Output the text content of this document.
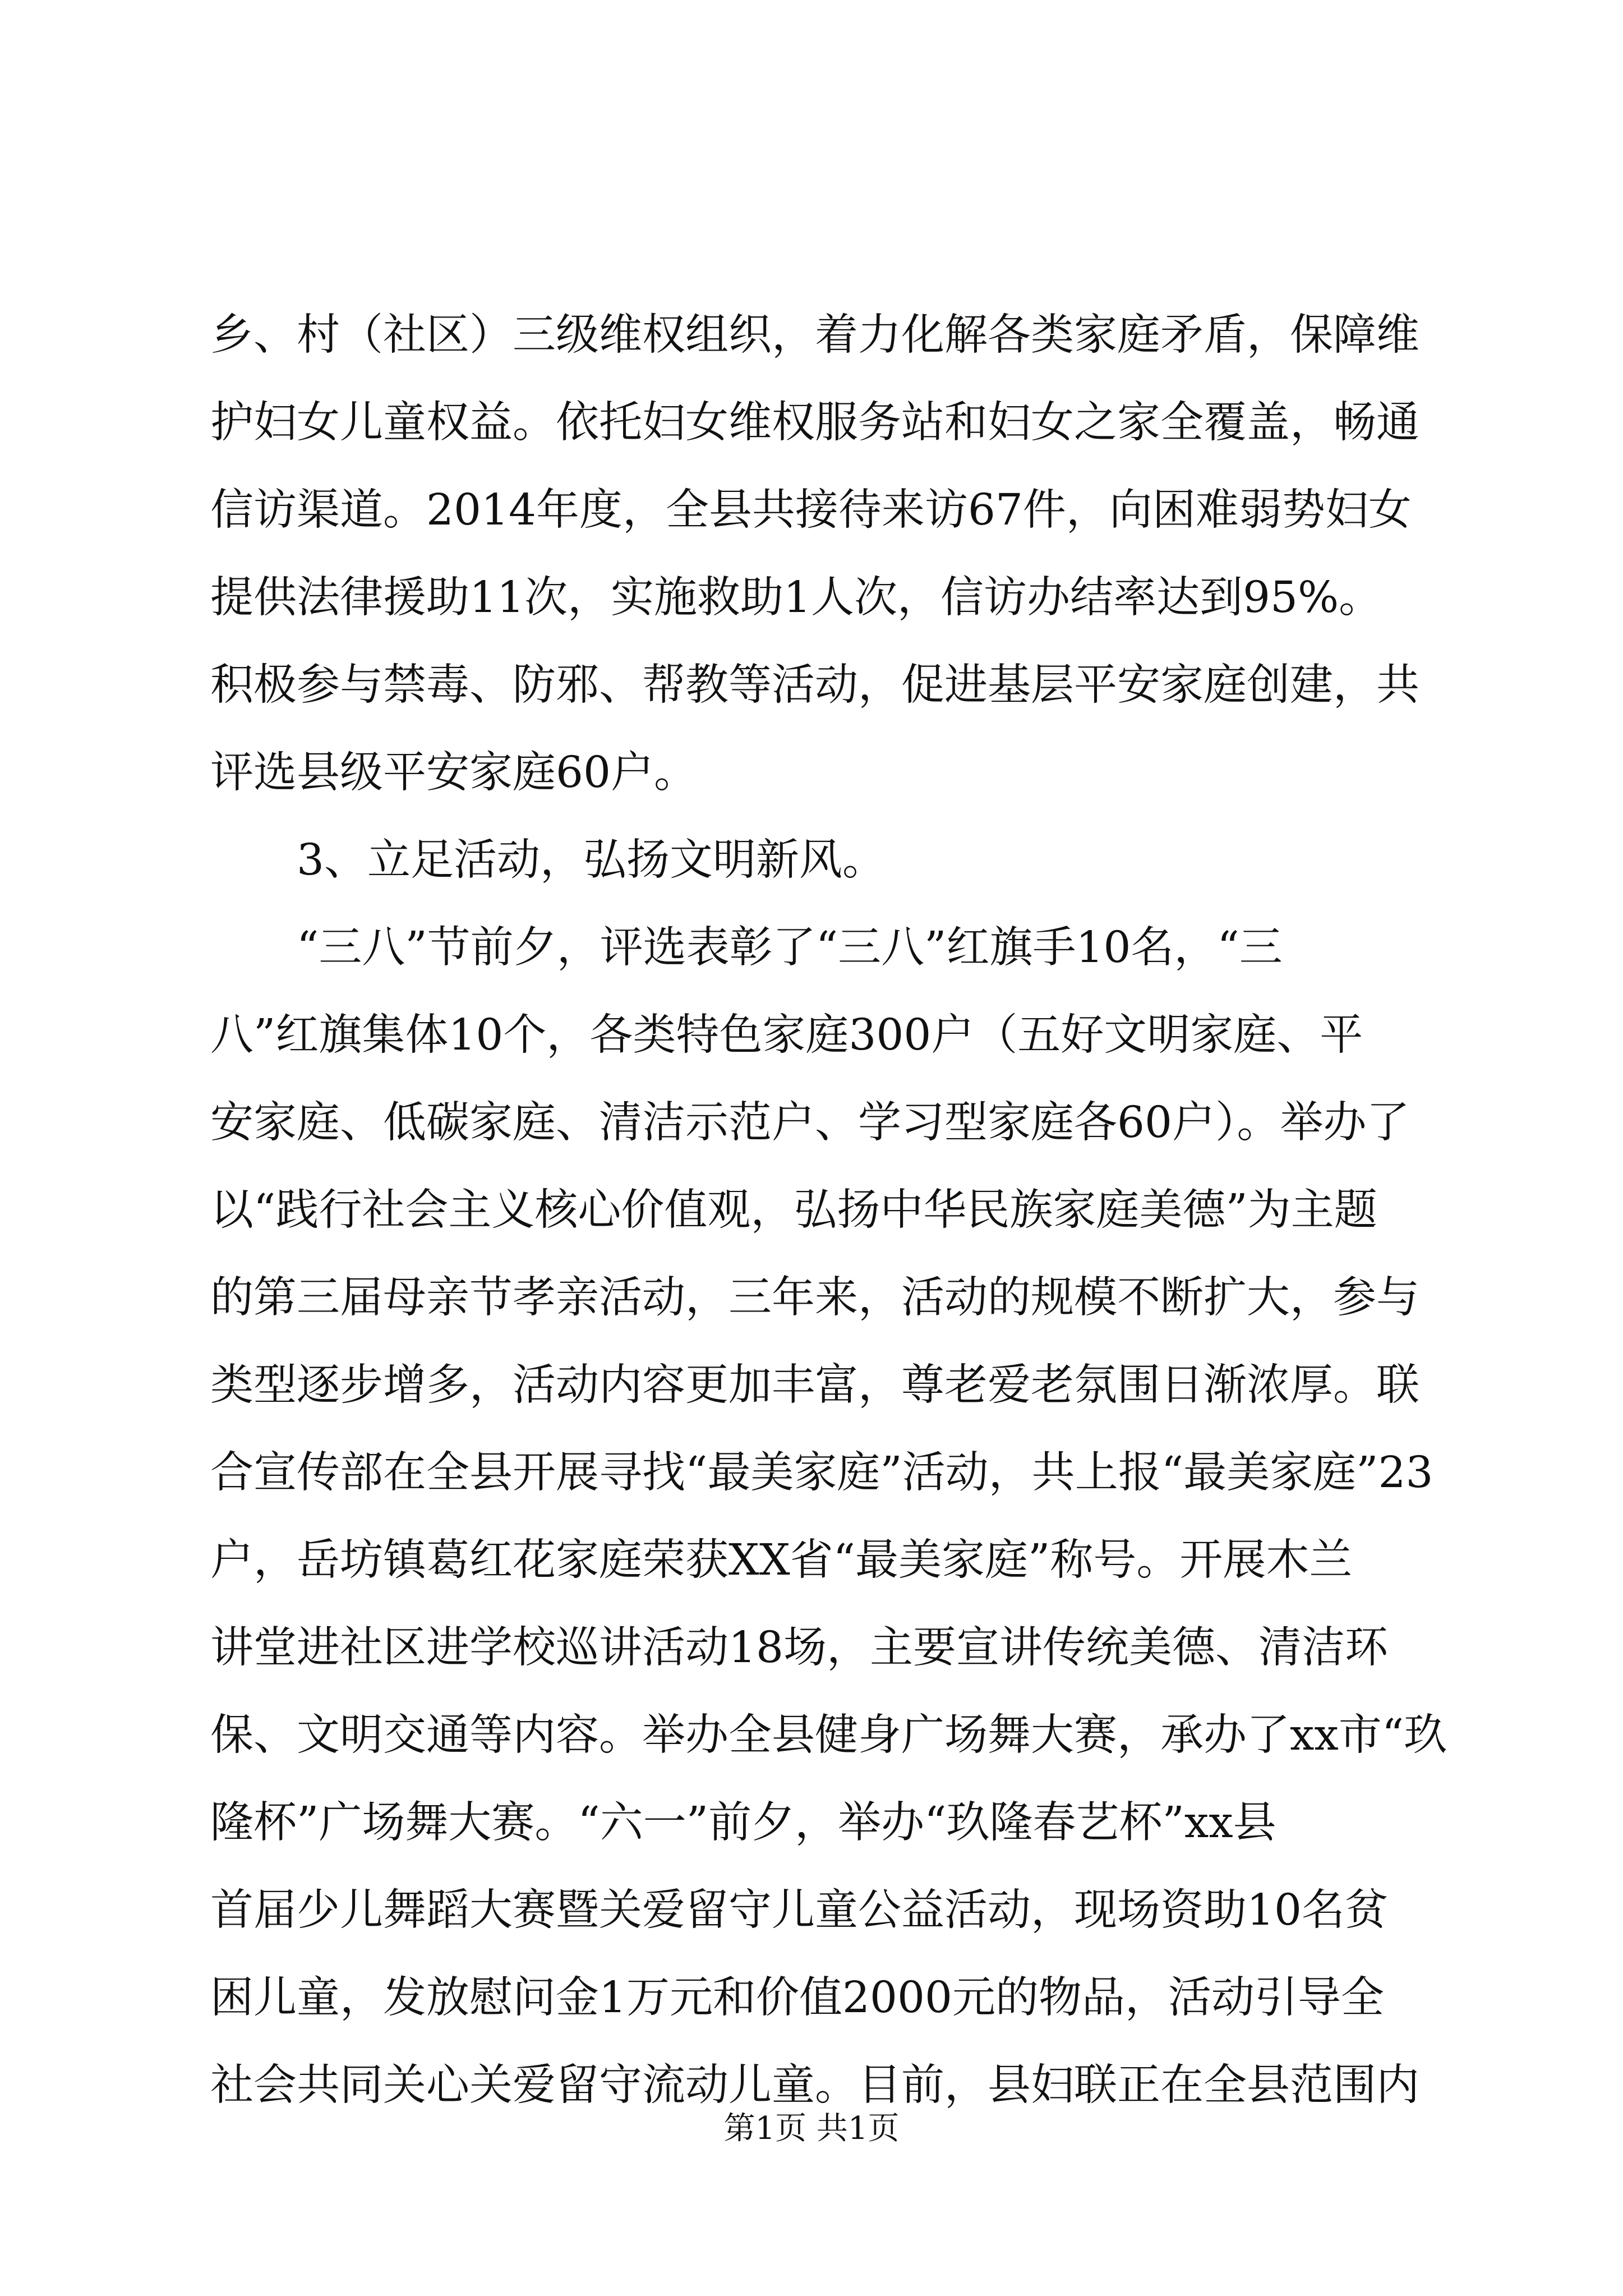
乡、村（社区）三级维权组织，着力化解各类家庭矛盾，保障维
护妇女儿童权益。依托妇女维权服务站和妇女之家全覆盖，畅通
信访渠道。2014年度，全县共接待来访67件，向困难弱势妇女
提供法律援助11次，实施救助1人次，信访办结率达到95%。
积极参与禁毒、防邪、帮教等活动，促进基层平安家庭创建，共
评选县级平安家庭60户。
3、立足活动，弘扬文明新风。
“三八”节前夕，评选表彰了“三八”红旗手10名，“三
八”红旗集体10个，各类特色家庭300户（五好文明家庭、平
安家庭、低碳家庭、清洁示范户、学习型家庭各60户）。举办了
以“践行社会主义核心价值观，弘扬中华民族家庭美德”为主题
的第三届母亲节孝亲活动，三年来，活动的规模不断扩大，参与
类型逐步增多，活动内容更加丰富，尊老爱老氛围日渐浓厚。联
合宣传部在全县开展寻找“最美家庭”活动，共上报“最美家庭”23
户，岳坊镇葛红花家庭荣获XX省“最美家庭”称号。开展木兰
讲堂进社区进学校巡讲活动18场，主要宣讲传统美德、清洁环
保、文明交通等内容。举办全县健身广场舞大赛，承办了xx市“玖
隆杯”广场舞大赛。“六一”前夕，举办“玖隆春艺杯”xx县
首届少儿舞蹈大赛暨关爱留守儿童公益活动，现场资助10名贫
困儿童，发放慰问金1万元和价值2000元的物品，活动引导全
社会共同关心关爱留守流动儿童。目前，县妇联正在全县范围内
第1页 共1页
